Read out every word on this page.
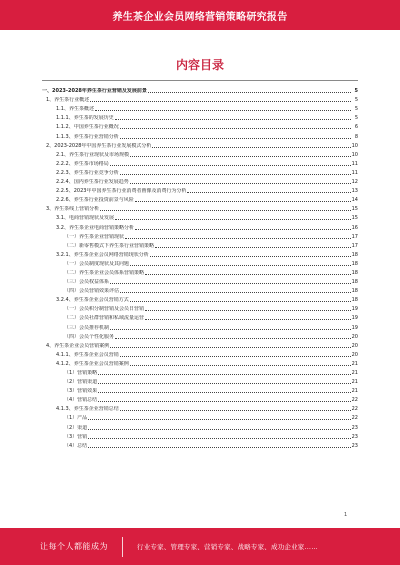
养生茶企业会员网络营销策略研究报告
内容目录
一、2023-2028年养生茶行业营销及发展前景	5
1、养生茶行业概述	5
1.1、养生茶概述	5
1.1.1、养生茶的发展历史	5
1.1.2、中国养生茶行业概况	6
1.1.3、养生茶行业营销分析	8
2、2023-2028年中国养生茶行业发展模式分析	10
2.1、养生茶行业现状及市场规模	10
2.2.2、养生茶市场格局	11
2.2.3、养生茶行业竞争分析	11
2.2.4、国内养生茶行业发展趋势	12
2.2.5、2023年中国养生茶行业消费者画像及消费行为分析	13
2.2.6、养生茶行业投资前景与风险	14
3、养生茶线上营销分析	15
3.1、电商营销现状及发展	15
3.2、养生茶企业电商营销策略分析	16
（一）养生茶企业营销现状	17
（二）新零售模式下养生茶行业营销策略	17
3.2.1、养生茶企业会员网络营销现状分析	18
（一）会员制度现状及其问题	18
（二）养生茶企业会员体系营销策略	18
（三）会员权益体系	18
（四）会员营销效果评估	18
3.2.4、养生茶企业会员营销方式	18
（一）会员积分制营销及会员日营销	19
（二）会员社群营销和私域流量运营	19
（三）会员推荐机制	19
（四）会员个性化服务	20
4、养生茶企业会员营销案例	20
4.1.1、养生茶企业会员营销	20
4.1.2、养生茶企业会员营销案例	21
（1）营销策略	21
（2）营销渠道	21
（3）营销效果	21
（4）营销总结	22
4.1.3、养生茶企业营销总结	22
（1）产品	22
（2）渠道	23
（3）营销	23
（4）总结	23
1
让每个人都能成为	行业专家、管理专家、营销专家、战略专家、成功企业家……
